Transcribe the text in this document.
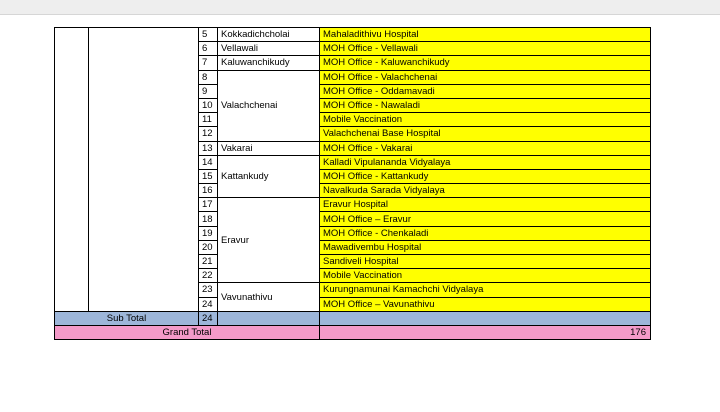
		5	Kokkadichcholai	Mahaladithivu Hospital
		6	Vellawali	MOH Office - Vellawali
		7	Kaluwanchikudy	MOH Office - Kaluwanchikudy
		8	Valachchenai	MOH Office - Valachchenai
		9		MOH Office - Oddamavadi
		10		MOH Office - Nawaladi
		11		Mobile Vaccination
		12		Valachchenai Base Hospital
		13	Vakarai	MOH Office - Vakarai
		14	Kattankudy	Kalladi Vipulananda Vidyalaya
		15		MOH Office - Kattankudy
		16		Navalkuda Sarada Vidyalaya
		17	Eravur	Eravur Hospital
		18		MOH Office – Eravur
		19		MOH Office - Chenkaladi
		20		Mawadivembu Hospital
		21		Sandiveli Hospital
		22		Mobile Vaccination
		23	Vavunathivu	Kurungnamunai Kamachchi Vidyalaya
		24		MOH Office – Vavunathivu
Sub Total		24		
Grand Total				176
